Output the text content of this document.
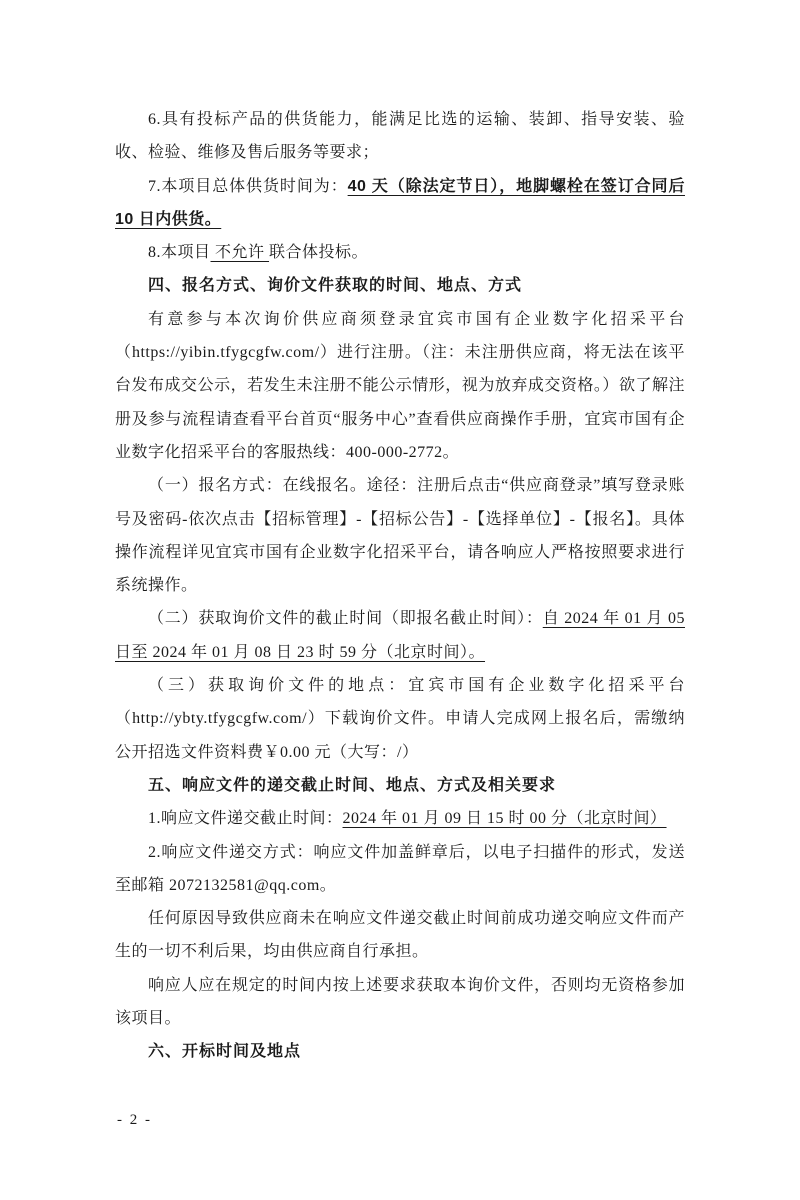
6.具有投标产品的供货能力，能满足比选的运输、装卸、指导安装、验收、检验、维修及售后服务等要求；

7.本项目总体供货时间为：40 天（除法定节日），地脚螺栓在签订合同后 10 日内供货。

8.本项目 不允许 联合体投标。

四、报名方式、询价文件获取的时间、地点、方式

有意参与本次询价供应商须登录宜宾市国有企业数字化招采平台（https://yibin.tfygcgfw.com/）进行注册。（注：未注册供应商，将无法在该平台发布成交公示，若发生未注册不能公示情形，视为放弃成交资格。）欲了解注册及参与流程请查看平台首页“服务中心”查看供应商操作手册，宜宾市国有企业数字化招采平台的客服热线：400-000-2772。

（一）报名方式：在线报名。途径：注册后点击“供应商登录”填写登录账号及密码-依次点击【招标管理】-【招标公告】-【选择单位】-【报名】。具体操作流程详见宜宾市国有企业数字化招采平台，请各响应人严格按照要求进行系统操作。

（二）获取询价文件的截止时间（即报名截止时间）：自 2024 年 01 月 05 日至 2024 年 01 月 08 日 23 时 59 分（北京时间）。

（三）获取询价文件的地点：宜宾市国有企业数字化招采平台（http://ybty.tfygcgfw.com/）下载询价文件。申请人完成网上报名后，需缴纳公开招选文件资料费￥0.00 元（大写：/）

五、响应文件的递交截止时间、地点、方式及相关要求

1.响应文件递交截止时间：2024 年 01 月 09 日 15 时 00 分（北京时间）

2.响应文件递交方式：响应文件加盖鲜章后，以电子扫描件的形式，发送至邮箱 2072132581@qq.com。

任何原因导致供应商未在响应文件递交截止时间前成功递交响应文件而产生的一切不利后果，均由供应商自行承担。

响应人应在规定的时间内按上述要求获取本询价文件，否则均无资格参加该项目。

六、开标时间及地点

- 2 -
